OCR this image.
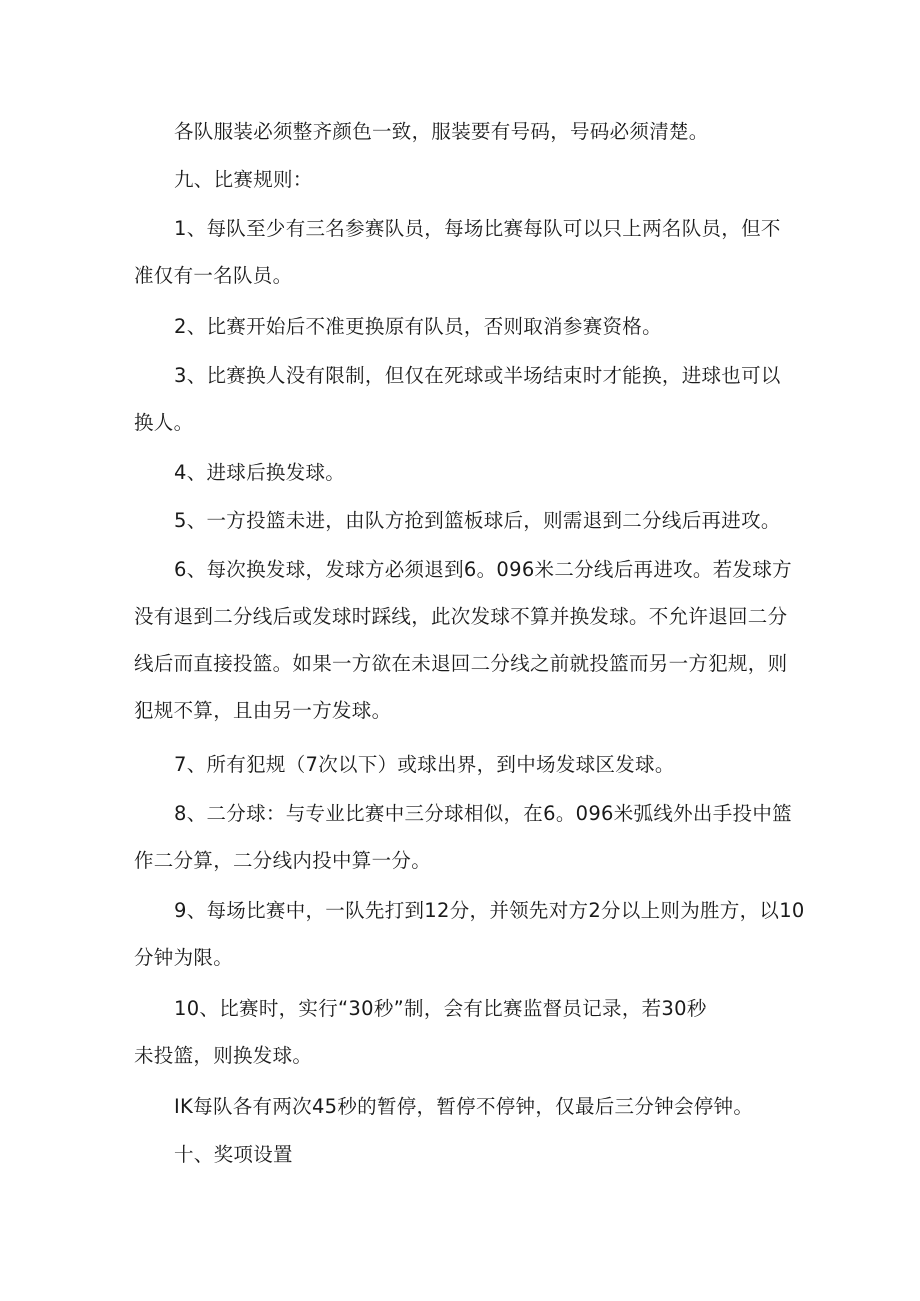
各队服装必须整齐颜色一致，服装要有号码，号码必须清楚。

九、比赛规则：

1、每队至少有三名参赛队员，每场比赛每队可以只上两名队员，但不
准仅有一名队员。

2、比赛开始后不准更换原有队员，否则取消参赛资格。

3、比赛换人没有限制，但仅在死球或半场结束时才能换，进球也可以
换人。

4、进球后换发球。

5、一方投篮未进，由队方抢到篮板球后，则需退到二分线后再进攻。

6、每次换发球，发球方必须退到6。096米二分线后再进攻。若发球方
没有退到二分线后或发球时踩线，此次发球不算并换发球。不允许退回二分
线后而直接投篮。如果一方欲在未退回二分线之前就投篮而另一方犯规，则
犯规不算，且由另一方发球。

7、所有犯规（7次以下）或球出界，到中场发球区发球。

8、二分球：与专业比赛中三分球相似，在6。096米弧线外出手投中篮
作二分算，二分线内投中算一分。

9、每场比赛中，一队先打到12分，并领先对方2分以上则为胜方，以10
分钟为限。

10、比赛时，实行“30秒”制，会有比赛监督员记录，若30秒
未投篮，则换发球。

IK每队各有两次45秒的暂停，暂停不停钟，仅最后三分钟会停钟。

十、奖项设置
